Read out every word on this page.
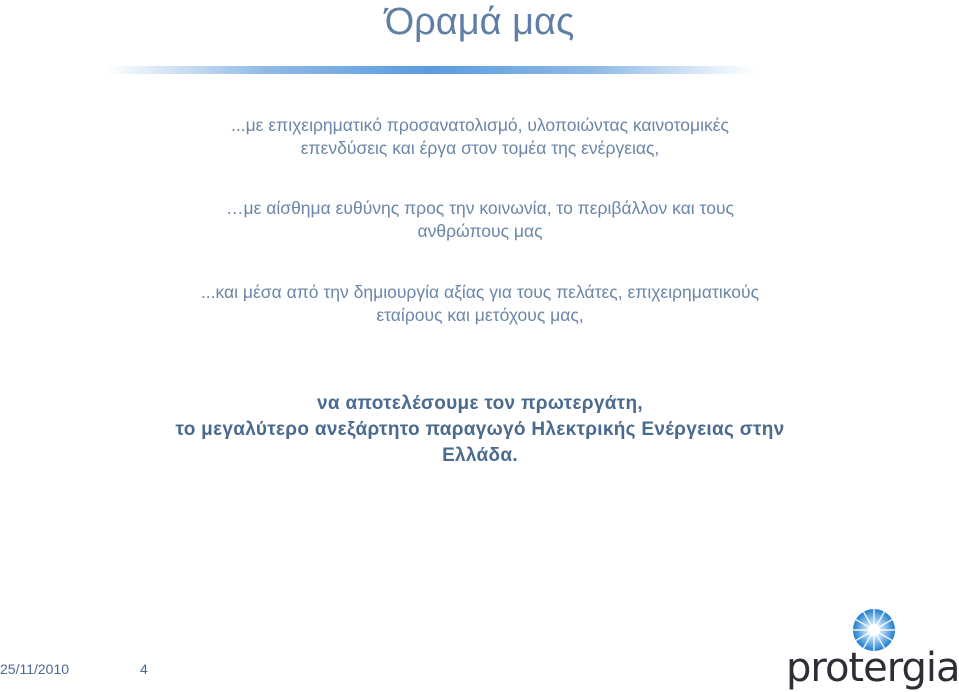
Όραμά μας
...με επιχειρηματικό προσανατολισμό, υλοποιώντας καινοτομικές
επενδύσεις και έργα στον τομέα της ενέργειας,
…με αίσθημα ευθύνης προς την κοινωνία, το περιβάλλον και τους
ανθρώπους μας
...και μέσα από την δημιουργία αξίας για τους πελάτες, επιχειρηματικούς
εταίρους και μετόχους μας,
να αποτελέσουμε τον πρωτεργάτη,
το μεγαλύτερο ανεξάρτητο παραγωγό Ηλεκτρικής Ενέργειας στην
Ελλάδα.
25/11/2010	4	protergia
